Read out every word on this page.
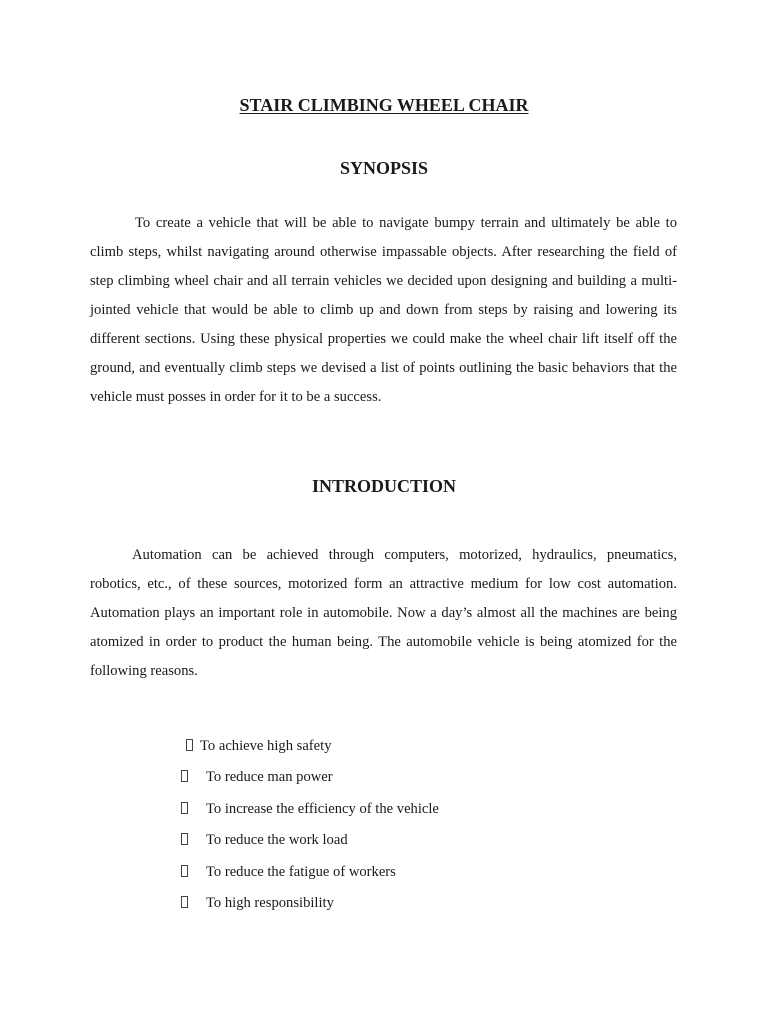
STAIR CLIMBING WHEEL CHAIR
SYNOPSIS

To create a vehicle that will be able to navigate bumpy terrain and ultimately be able to climb steps, whilst navigating around otherwise impassable objects. After researching the field of step climbing wheel chair and all terrain vehicles we decided upon designing and building a multi-jointed vehicle that would be able to climb up and down from steps by raising and lowering its different sections. Using these physical properties we could make the wheel chair lift itself off the ground, and eventually climb steps we devised a list of points outlining the basic behaviors that the vehicle must posses in order for it to be a success.

INTRODUCTION

Automation can be achieved through computers, motorized, hydraulics, pneumatics, robotics, etc., of these sources, motorized form an attractive medium for low cost automation. Automation plays an important role in automobile. Now a day’s almost all the machines are being atomized in order to product the human being. The automobile vehicle is being atomized for the following reasons.

To achieve high safety
To reduce man power
To increase the efficiency of the vehicle
To reduce the work load
To reduce the fatigue of workers
To high responsibility
